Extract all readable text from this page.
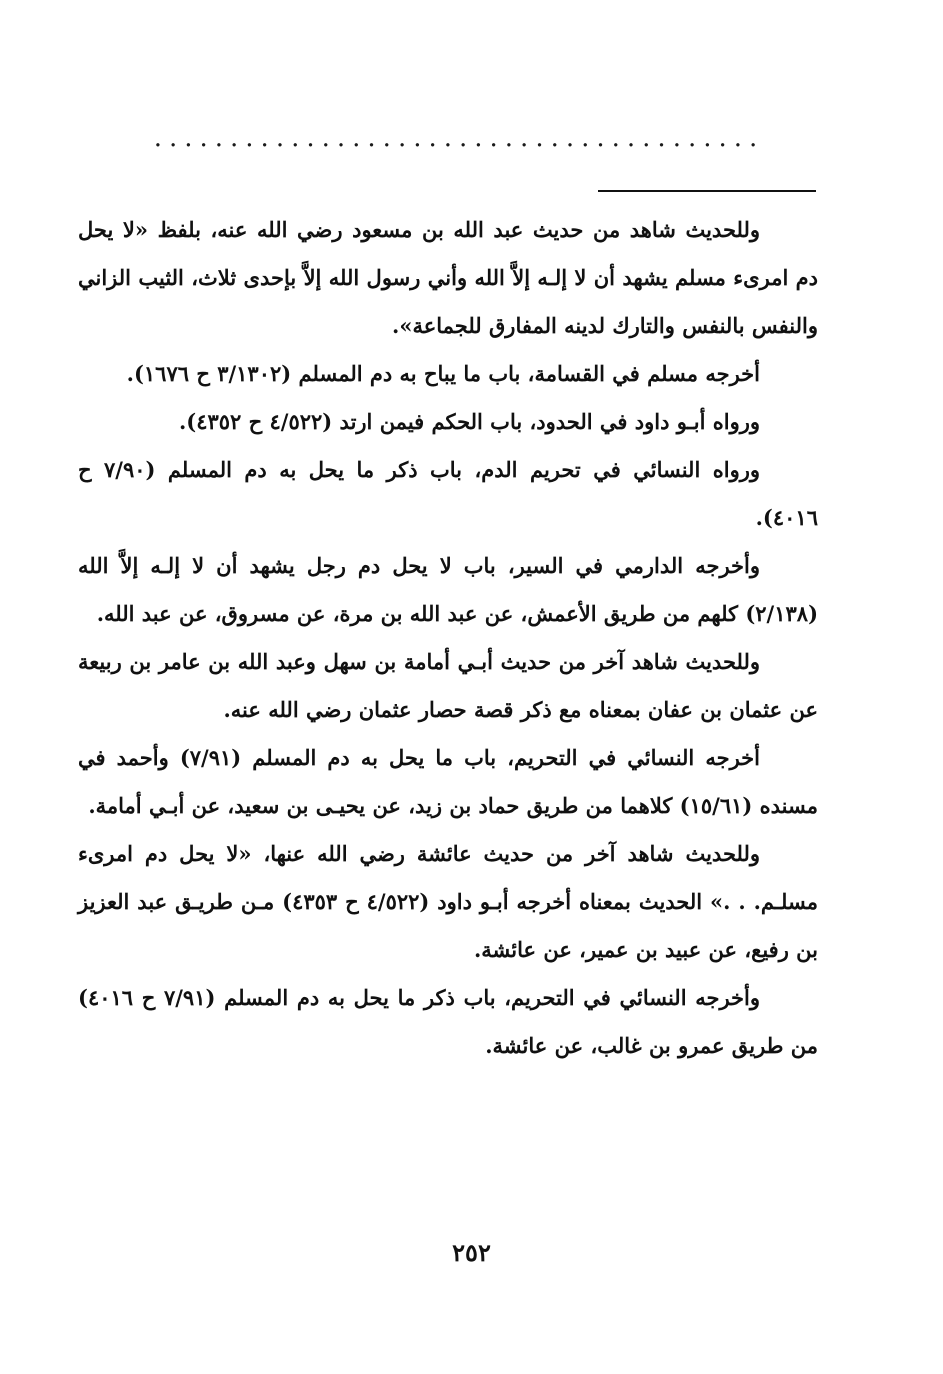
........................................

وللحديث شاهد من حديث عبد الله بن مسعود رضي الله عنه، بلفظ «لا يحل دم امرىء مسلم يشهد أن لا إلـه إلاَّ الله وأني رسول الله إلاَّ بإحدى ثلاث، الثيب الزاني والنفس بالنفس والتارك لدينه المفارق للجماعة».

أخرجه مسلم في القسامة، باب ما يباح به دم المسلم (٣/١٣٠٢ ح ١٦٧٦).

ورواه أبـو داود في الحدود، باب الحكم فيمن ارتد (٤/٥٢٢ ح ٤٣٥٢).

ورواه النسائي في تحريم الدم، باب ذكر ما يحل به دم المسلم (٧/٩٠ ح ٤٠١٦).

وأخرجه الدارمي في السير، باب لا يحل دم رجل يشهد أن لا إلـه إلاَّ الله (٢/١٣٨) كلهم من طريق الأعمش، عن عبد الله بن مرة، عن مسروق، عن عبد الله.

وللحديث شاهد آخر من حديث أبـي أمامة بن سهل وعبد الله بن عامر بن ربيعة عن عثمان بن عفان بمعناه مع ذكر قصة حصار عثمان رضي الله عنه.

أخرجه النسائي في التحريم، باب ما يحل به دم المسلم (٧/٩١) وأحمد في مسنده (١٥/٦١) كلاهما من طريق حماد بن زيد، عن يحيـى بن سعيد، عن أبـي أمامة.

وللحديث شاهد آخر من حديث عائشة رضي الله عنها، «لا يحل دم امرىء مسلـم. . .» الحديث بمعناه أخرجه أبـو داود (٤/٥٢٢ ح ٤٣٥٣) مـن طريـق عبد العزيز بن رفيع، عن عبيد بن عمير، عن عائشة.

وأخرجه النسائي في التحريم، باب ذكر ما يحل به دم المسلم (٧/٩١ ح ٤٠١٦) من طريق عمرو بن غالب، عن عائشة.

٢٥٢
